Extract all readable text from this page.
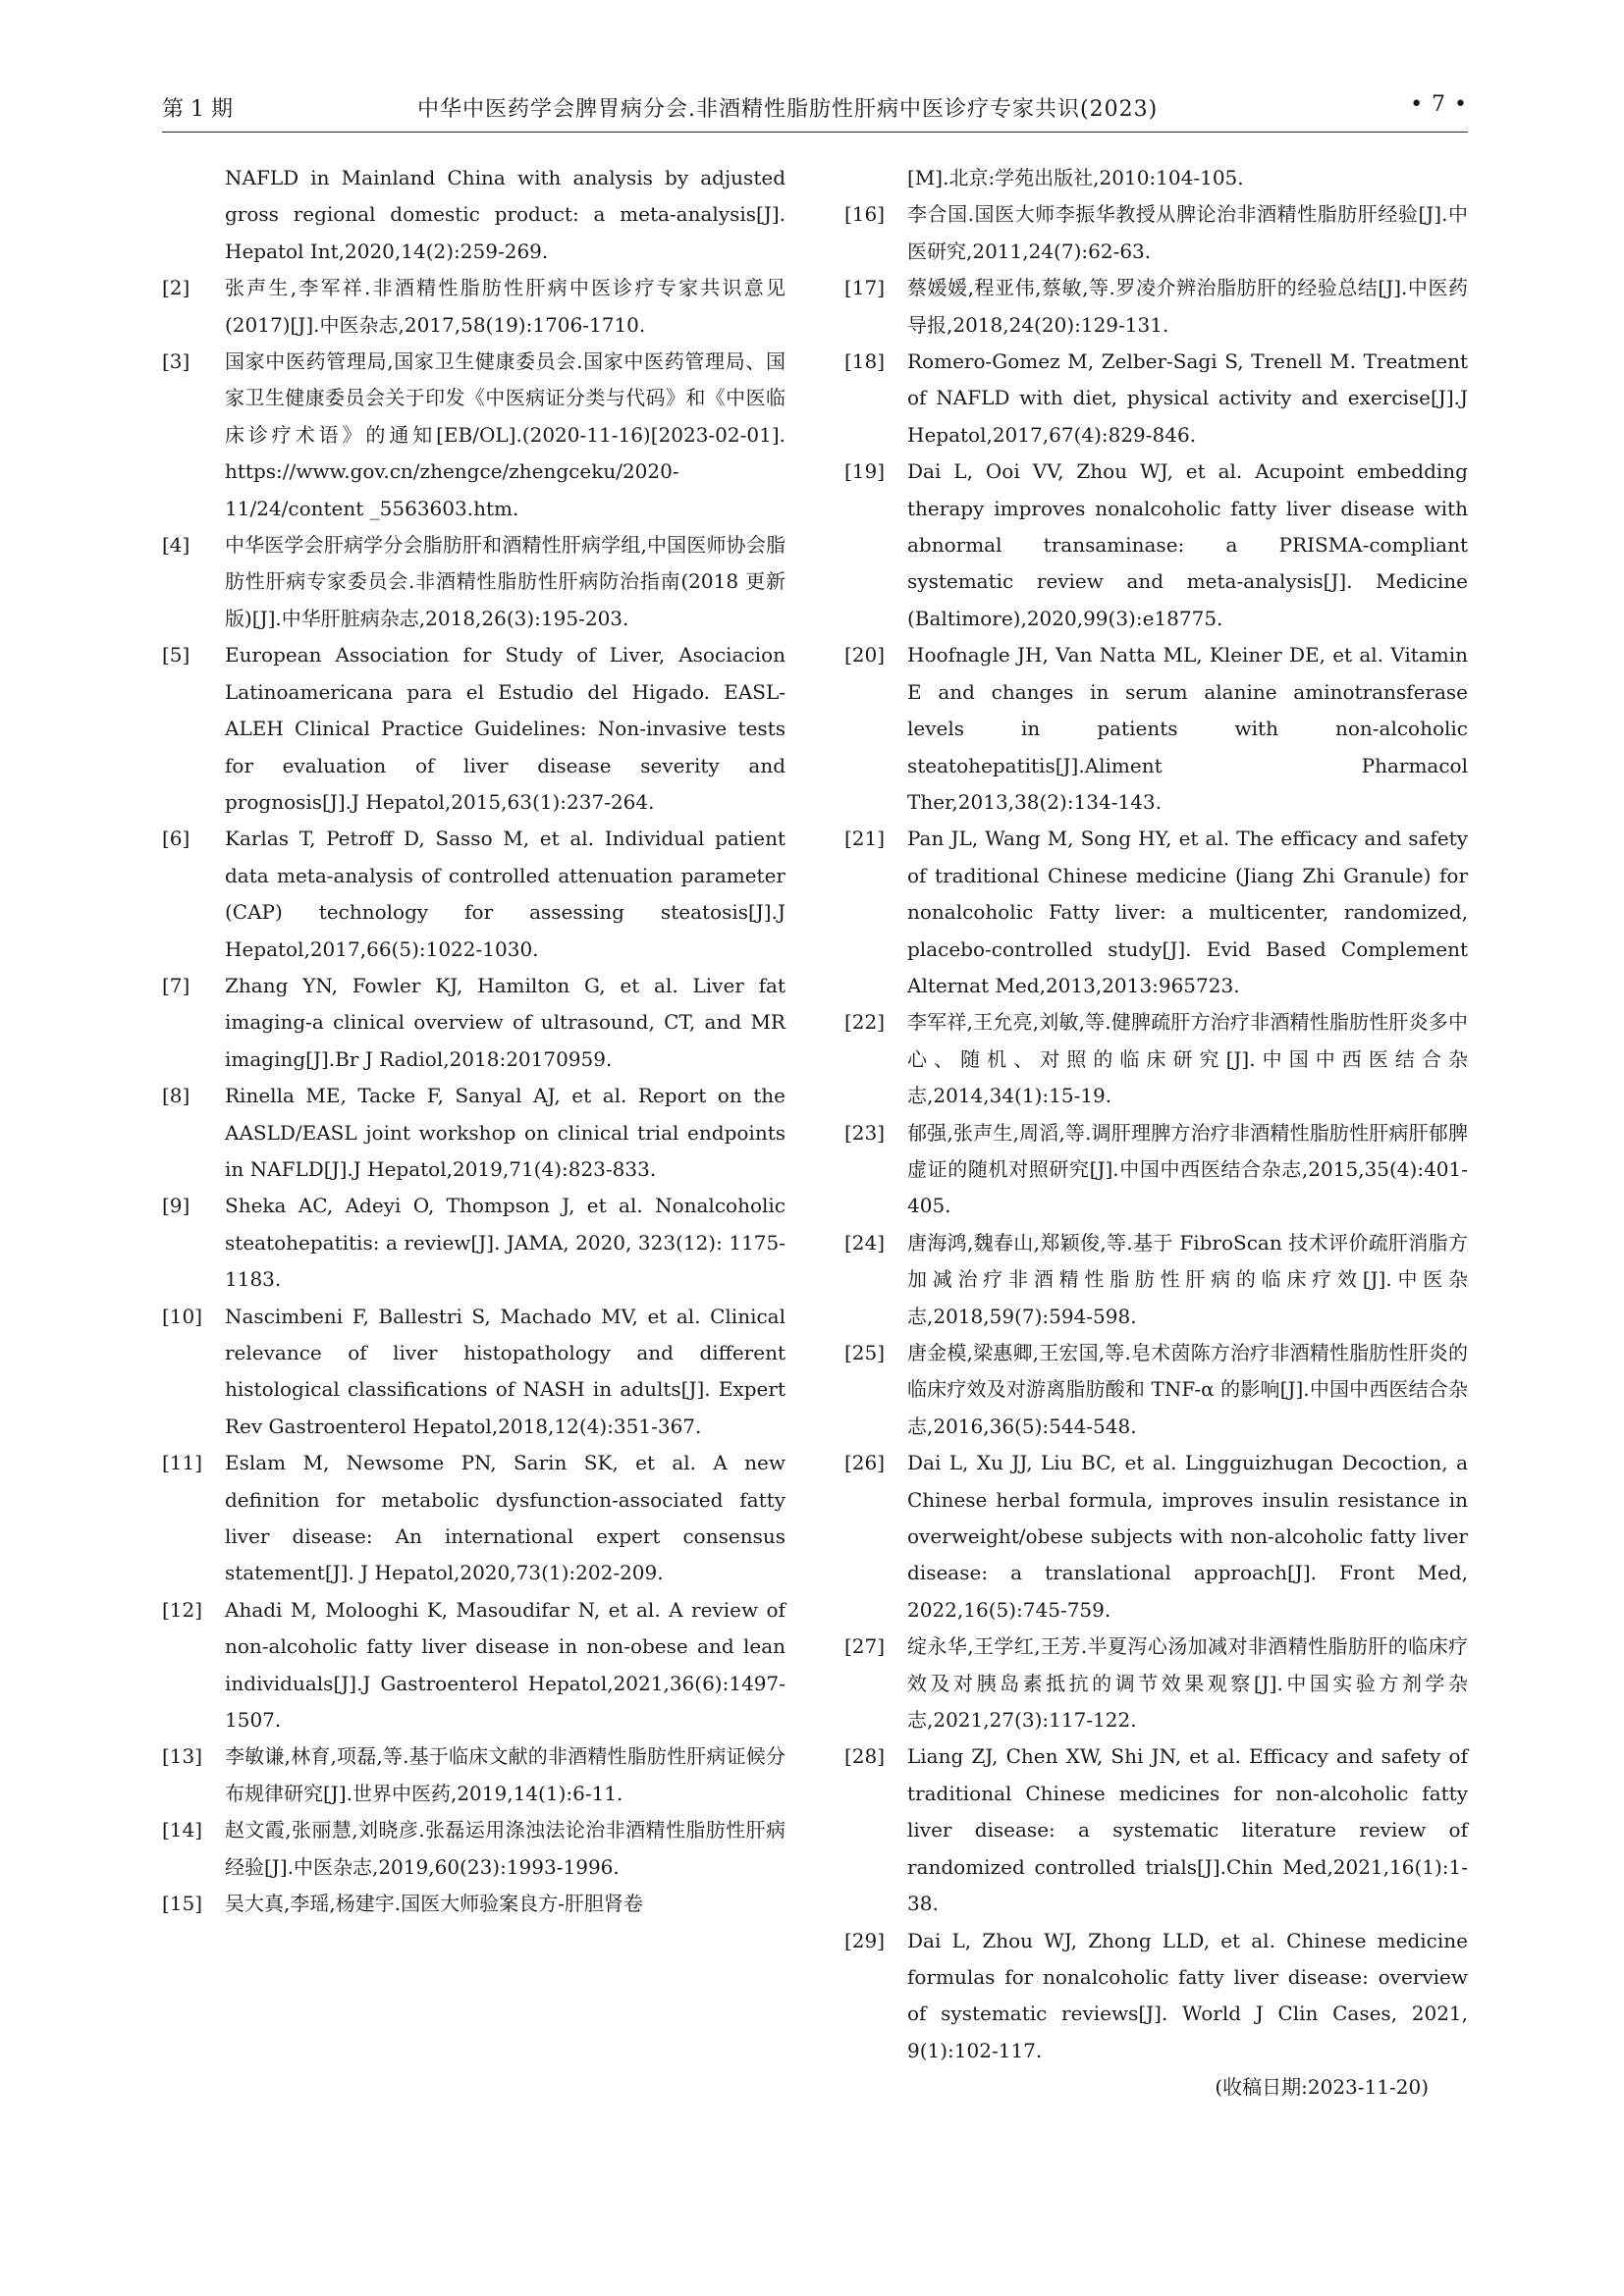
第 1 期	中华中医药学会脾胃病分会.非酒精性脂肪性肝病中医诊疗专家共识(2023)	• 7 •
NAFLD in Mainland China with analysis by adjusted gross regional domestic product: a meta-analysis[J]. Hepatol Int,2020,14(2):259-269.
[2]	张声生,李军祥.非酒精性脂肪性肝病中医诊疗专家共识意见(2017)[J].中医杂志,2017,58(19):1706-1710.
[3]	国家中医药管理局,国家卫生健康委员会.国家中医药管理局、国家卫生健康委员会关于印发《中医病证分类与代码》和《中医临床诊疗术语》的通知[EB/OL].(2020-11-16)[2023-02-01]. https://www.gov.cn/zhengce/zhengceku/2020-11/24/content _5563603.htm.
[4]	中华医学会肝病学分会脂肪肝和酒精性肝病学组,中国医师协会脂肪性肝病专家委员会.非酒精性脂肪性肝病防治指南(2018 更新版)[J].中华肝脏病杂志,2018,26(3):195-203.
[5]	European Association for Study of Liver, Asociacion Latinoamericana para el Estudio del Higado. EASL-ALEH Clinical Practice Guidelines: Non-invasive tests for evaluation of liver disease severity and prognosis[J].J Hepatol,2015,63(1):237-264.
[6]	Karlas T, Petroff D, Sasso M, et al. Individual patient data meta-analysis of controlled attenuation parameter (CAP) technology for assessing steatosis[J].J Hepatol,2017,66(5):1022-1030.
[7]	Zhang YN, Fowler KJ, Hamilton G, et al. Liver fat imaging-a clinical overview of ultrasound, CT, and MR imaging[J].Br J Radiol,2018:20170959.
[8]	Rinella ME, Tacke F, Sanyal AJ, et al. Report on the AASLD/EASL joint workshop on clinical trial endpoints in NAFLD[J].J Hepatol,2019,71(4):823-833.
[9]	Sheka AC, Adeyi O, Thompson J, et al. Nonalcoholic steatohepatitis: a review[J]. JAMA, 2020, 323(12): 1175-1183.
[10]	Nascimbeni F, Ballestri S, Machado MV, et al. Clinical relevance of liver histopathology and different histological classifications of NASH in adults[J]. Expert Rev Gastroenterol Hepatol,2018,12(4):351-367.
[11]	Eslam M, Newsome PN, Sarin SK, et al. A new definition for metabolic dysfunction-associated fatty liver disease: An international expert consensus statement[J]. J Hepatol,2020,73(1):202-209.
[12]	Ahadi M, Molooghi K, Masoudifar N, et al. A review of non-alcoholic fatty liver disease in non-obese and lean individuals[J].J Gastroenterol Hepatol,2021,36(6):1497-1507.
[13]	李敏谦,林育,项磊,等.基于临床文献的非酒精性脂肪性肝病证候分布规律研究[J].世界中医药,2019,14(1):6-11.
[14]	赵文霞,张丽慧,刘晓彦.张磊运用涤浊法论治非酒精性脂肪性肝病经验[J].中医杂志,2019,60(23):1993-1996.
[15]	吴大真,李瑶,杨建宇.国医大师验案良方-肝胆肾卷
[M].北京:学苑出版社,2010:104-105.
[16]	李合国.国医大师李振华教授从脾论治非酒精性脂肪肝经验[J].中医研究,2011,24(7):62-63.
[17]	蔡媛媛,程亚伟,蔡敏,等.罗凌介辨治脂肪肝的经验总结[J].中医药导报,2018,24(20):129-131.
[18]	Romero-Gomez M, Zelber-Sagi S, Trenell M. Treatment of NAFLD with diet, physical activity and exercise[J].J Hepatol,2017,67(4):829-846.
[19]	Dai L, Ooi VV, Zhou WJ, et al. Acupoint embedding therapy improves nonalcoholic fatty liver disease with abnormal transaminase: a PRISMA-compliant systematic review and meta-analysis[J]. Medicine (Baltimore),2020,99(3):e18775.
[20]	Hoofnagle JH, Van Natta ML, Kleiner DE, et al. Vitamin E and changes in serum alanine aminotransferase levels in patients with non-alcoholic steatohepatitis[J].Aliment Pharmacol Ther,2013,38(2):134-143.
[21]	Pan JL, Wang M, Song HY, et al. The efficacy and safety of traditional Chinese medicine (Jiang Zhi Granule) for nonalcoholic Fatty liver: a multicenter, randomized, placebo-controlled study[J]. Evid Based Complement Alternat Med,2013,2013:965723.
[22]	李军祥,王允亮,刘敏,等.健脾疏肝方治疗非酒精性脂肪性肝炎多中心、随机、对照的临床研究[J].中国中西医结合杂志,2014,34(1):15-19.
[23]	郁强,张声生,周滔,等.调肝理脾方治疗非酒精性脂肪性肝病肝郁脾虚证的随机对照研究[J].中国中西医结合杂志,2015,35(4):401-405.
[24]	唐海鸿,魏春山,郑颖俊,等.基于 FibroScan 技术评价疏肝消脂方加减治疗非酒精性脂肪性肝病的临床疗效[J].中医杂志,2018,59(7):594-598.
[25]	唐金模,梁惠卿,王宏国,等.皂术茵陈方治疗非酒精性脂肪性肝炎的临床疗效及对游离脂肪酸和 TNF-α 的影响[J].中国中西医结合杂志,2016,36(5):544-548.
[26]	Dai L, Xu JJ, Liu BC, et al. Lingguizhugan Decoction, a Chinese herbal formula, improves insulin resistance in overweight/obese subjects with non-alcoholic fatty liver disease: a translational approach[J]. Front Med, 2022,16(5):745-759.
[27]	绽永华,王学红,王芳.半夏泻心汤加减对非酒精性脂肪肝的临床疗效及对胰岛素抵抗的调节效果观察[J].中国实验方剂学杂志,2021,27(3):117-122.
[28]	Liang ZJ, Chen XW, Shi JN, et al. Efficacy and safety of traditional Chinese medicines for non-alcoholic fatty liver disease: a systematic literature review of randomized controlled trials[J].Chin Med,2021,16(1):1-38.
[29]	Dai L, Zhou WJ, Zhong LLD, et al. Chinese medicine formulas for nonalcoholic fatty liver disease: overview of systematic reviews[J]. World J Clin Cases, 2021, 9(1):102-117.
(收稿日期:2023-11-20)
